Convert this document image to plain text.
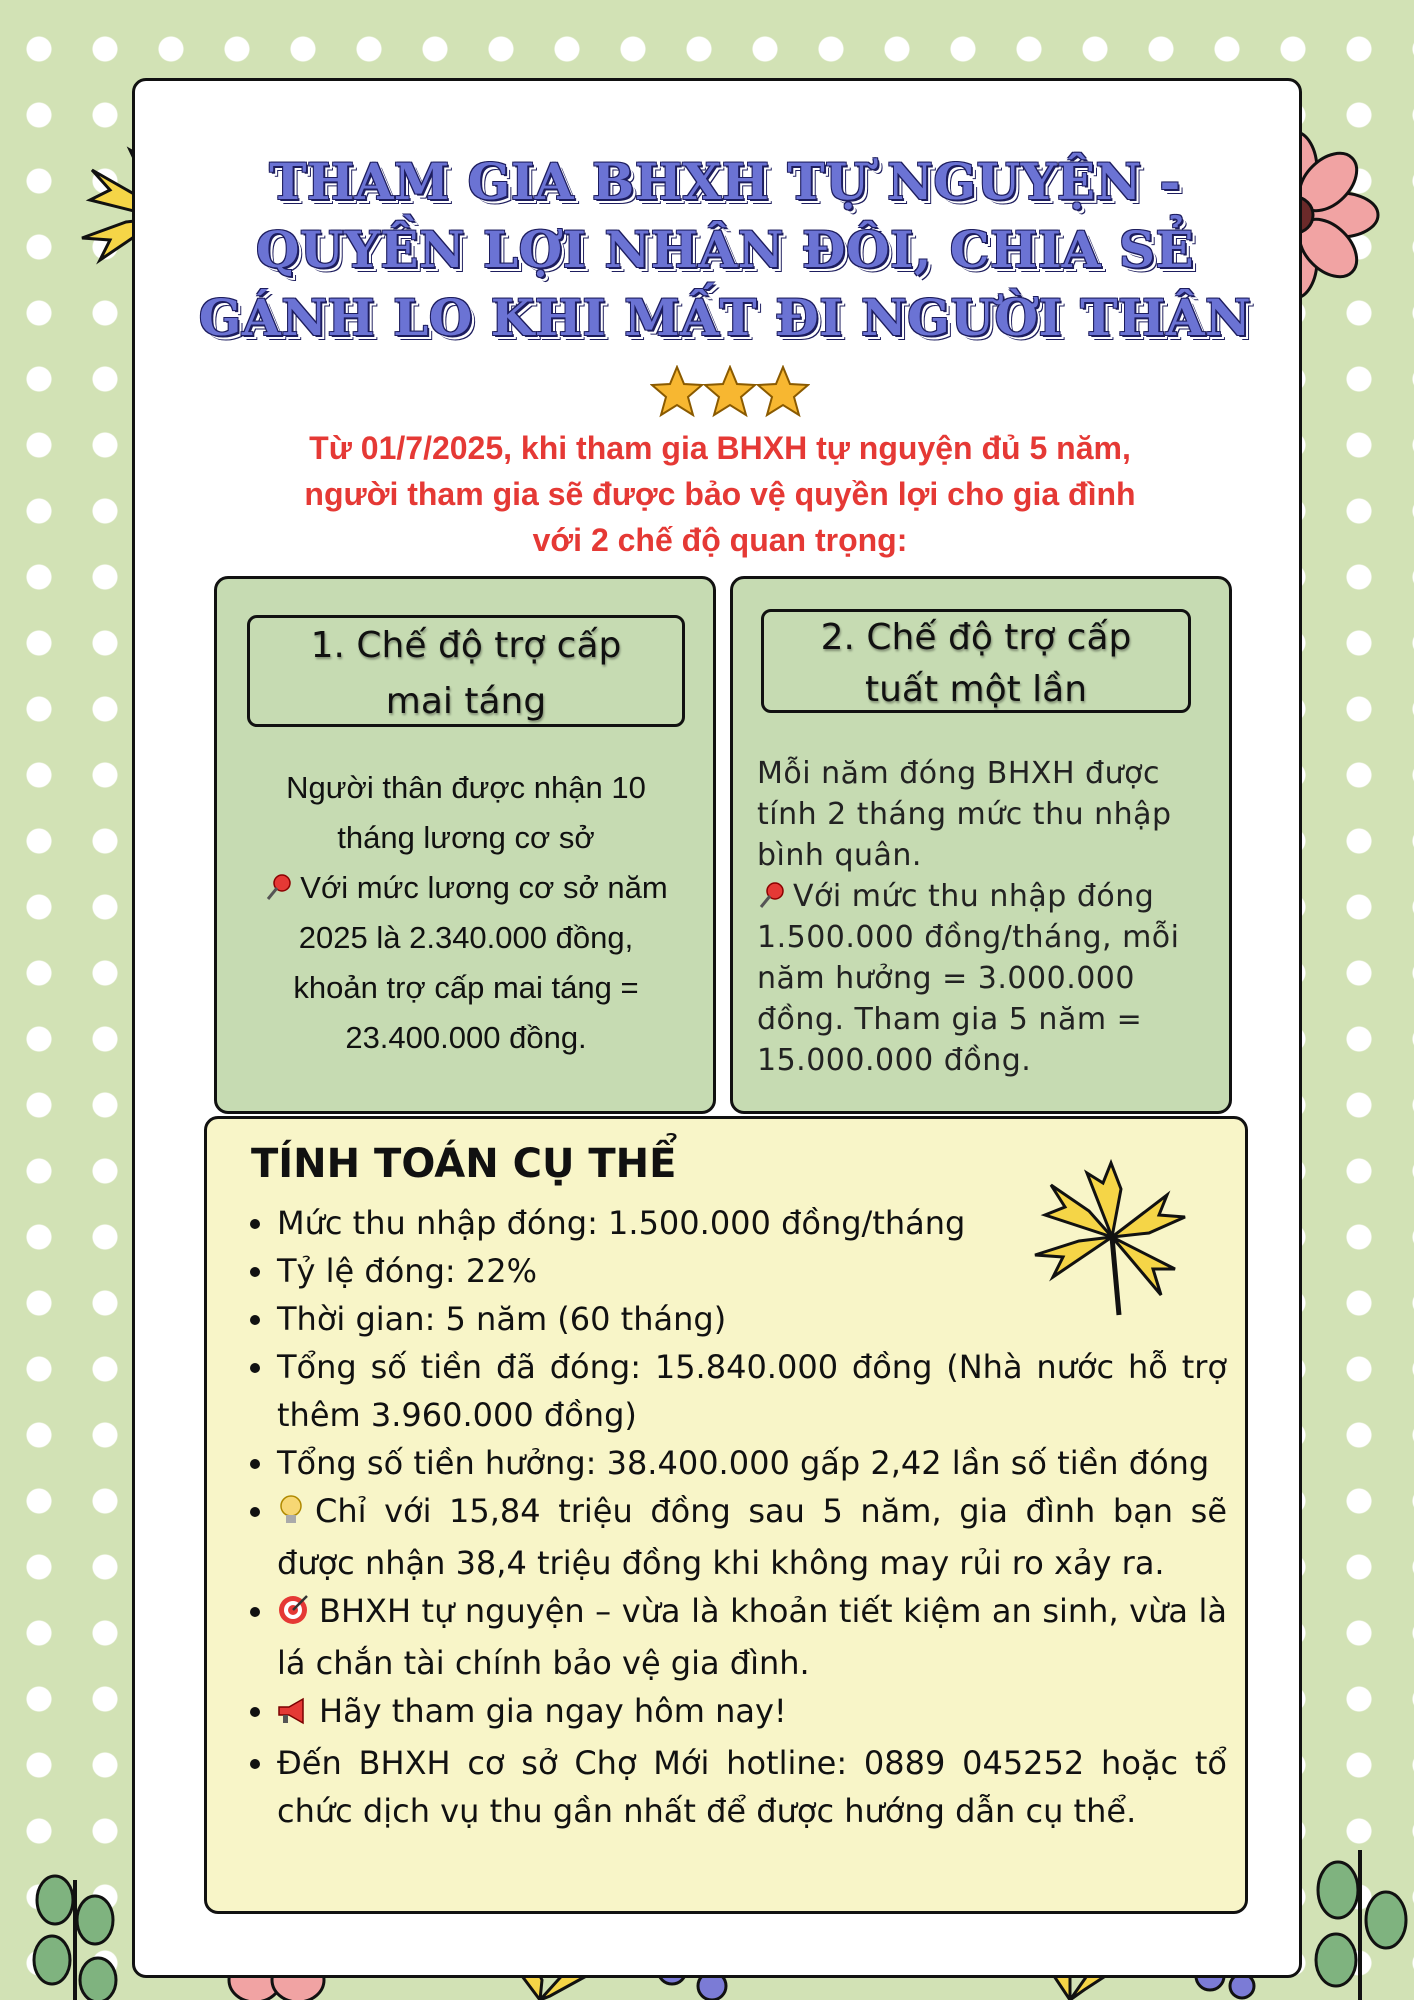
THAM GIA BHXH TỰ NGUYỆN -
QUYỀN LỢI NHÂN ĐÔI, CHIA SẺ
GÁNH LO KHI MẤT ĐI NGƯỜI THÂN

Từ 01/7/2025, khi tham gia BHXH tự nguyện đủ 5 năm,
người tham gia sẽ được bảo vệ quyền lợi cho gia đình
với 2 chế độ quan trọng:

1. Chế độ trợ cấp
mai táng

Người thân được nhận 10
tháng lương cơ sở
Với mức lương cơ sở năm
2025 là 2.340.000 đồng,
khoản trợ cấp mai táng =
23.400.000 đồng.

2. Chế độ trợ cấp
tuất một lần

Mỗi năm đóng BHXH được tính 2 tháng mức thu nhập bình quân.
Với mức thu nhập đóng 1.500.000 đồng/tháng, mỗi năm hưởng = 3.000.000 đồng. Tham gia 5 năm = 15.000.000 đồng.

TÍNH TOÁN CỤ THỂ
• Mức thu nhập đóng: 1.500.000 đồng/tháng
• Tỷ lệ đóng: 22%
• Thời gian: 5 năm (60 tháng)
• Tổng số tiền đã đóng: 15.840.000 đồng (Nhà nước hỗ trợ thêm 3.960.000 đồng)
• Tổng số tiền hưởng: 38.400.000 gấp 2,42 lần số tiền đóng
• Chỉ với 15,84 triệu đồng sau 5 năm, gia đình bạn sẽ được nhận 38,4 triệu đồng khi không may rủi ro xảy ra.
• BHXH tự nguyện – vừa là khoản tiết kiệm an sinh, vừa là lá chắn tài chính bảo vệ gia đình.
• Hãy tham gia ngay hôm nay!
• Đến BHXH cơ sở Chợ Mới hotline: 0889 045252 hoặc tổ chức dịch vụ thu gần nhất để được hướng dẫn cụ thể.
